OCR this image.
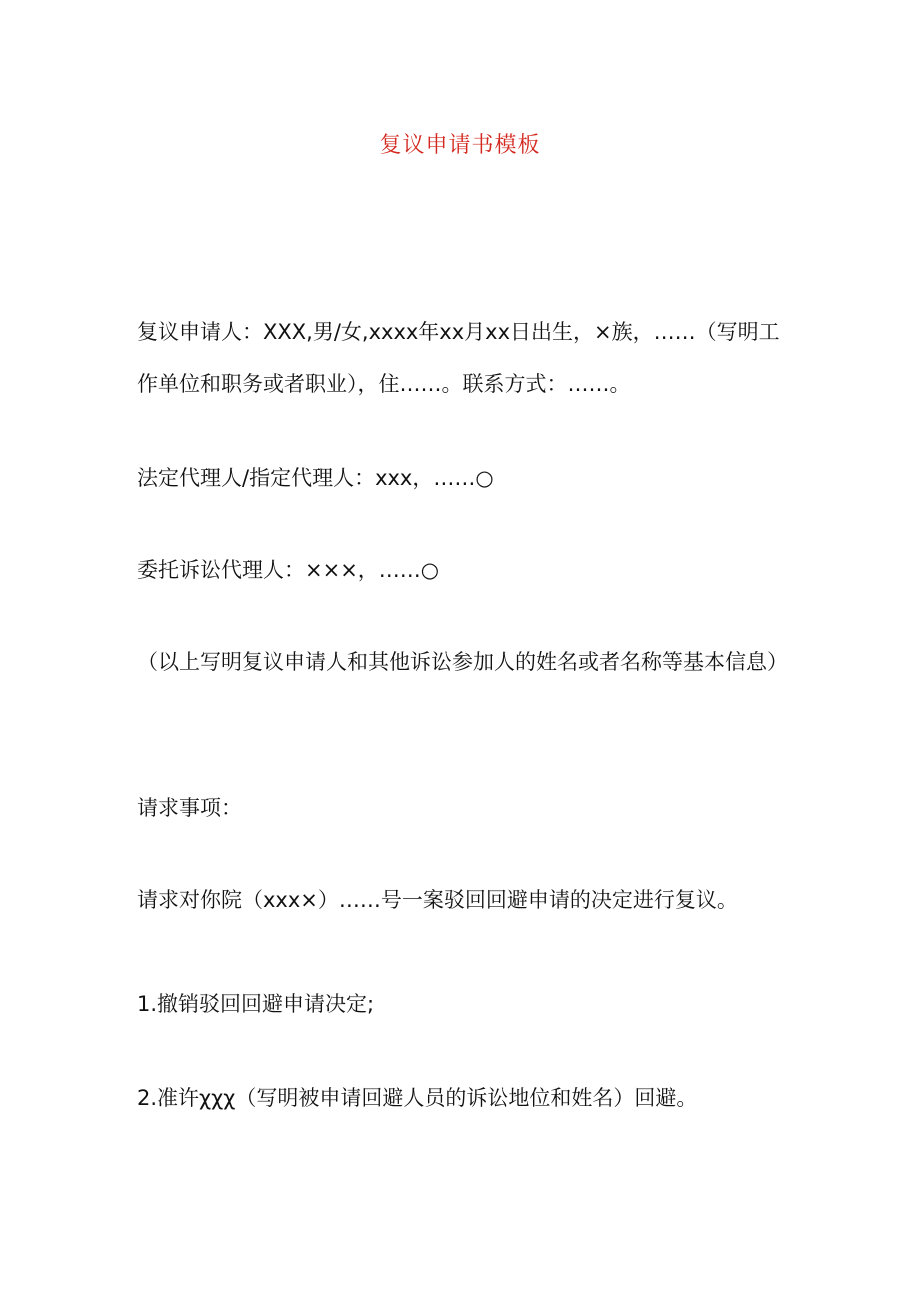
复议申请书模板
复议申请人：XXX,男/女,xxxx年xx月xx日出生，×族，……（写明工作单位和职务或者职业），住……。联系方式：……。
法定代理人/指定代理人：xxx，……○
委托诉讼代理人：×××，……○
（以上写明复议申请人和其他诉讼参加人的姓名或者名称等基本信息）
请求事项：
请求对你院（xxx×）……号一案驳回回避申请的决定进行复议。
1.撤销驳回回避申请决定;
2.准许χχχ（写明被申请回避人员的诉讼地位和姓名）回避。
